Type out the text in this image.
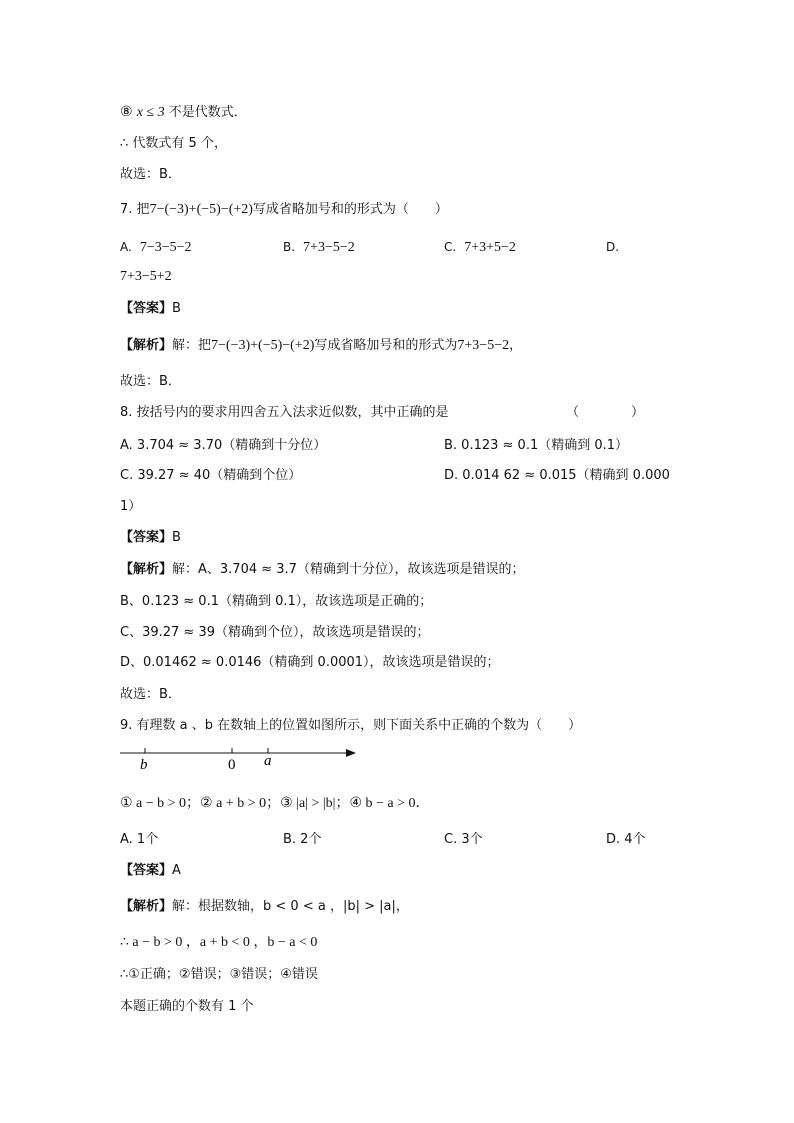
⑧ x ≤ 3 不是代数式．
∴ 代数式有 5 个，
故选：B．
7. 把7−(−3)+(−5)−(+2)写成省略加号和的形式为（　　）
A. 7−3−5−2	B. 7+3−5−2	C. 7+3+5−2	D.
7+3−5+2
【答案】B
【解析】解：把7−(−3)+(−5)−(+2)写成省略加号和的形式为7+3−5−2，
故选：B．
8. 按括号内的要求用四舍五入法求近似数，其中正确的是	（　　　　）
A. 3.704 ≈ 3.70（精确到十分位）	B. 0.123 ≈ 0.1（精确到 0.1）
C. 39.27 ≈ 40（精确到个位）	D. 0.014 62 ≈ 0.015（精确到 0.000
1）
【答案】B
【解析】解：A、3.704 ≈ 3.7（精确到十分位），故该选项是错误的；
B、0.123 ≈ 0.1（精确到 0.1），故该选项是正确的；
C、39.27 ≈ 39（精确到个位），故该选项是错误的；
D、0.01462 ≈ 0.0146（精确到 0.0001），故该选项是错误的；
故选：B．
9. 有理数 a 、b 在数轴上的位置如图所示，则下面关系中正确的个数为（　　）
b	0 a
① a − b > 0；② a + b > 0；③ |a| > |b|；④ b − a > 0．
A. 1个	B. 2个	C. 3个	D. 4个
【答案】A
【解析】解：根据数轴，b < 0 < a ，|b| > |a|，
∴ a − b > 0 ，a + b < 0 ，b − a < 0
∴①正确；②错误；③错误；④错误
本题正确的个数有 1 个
